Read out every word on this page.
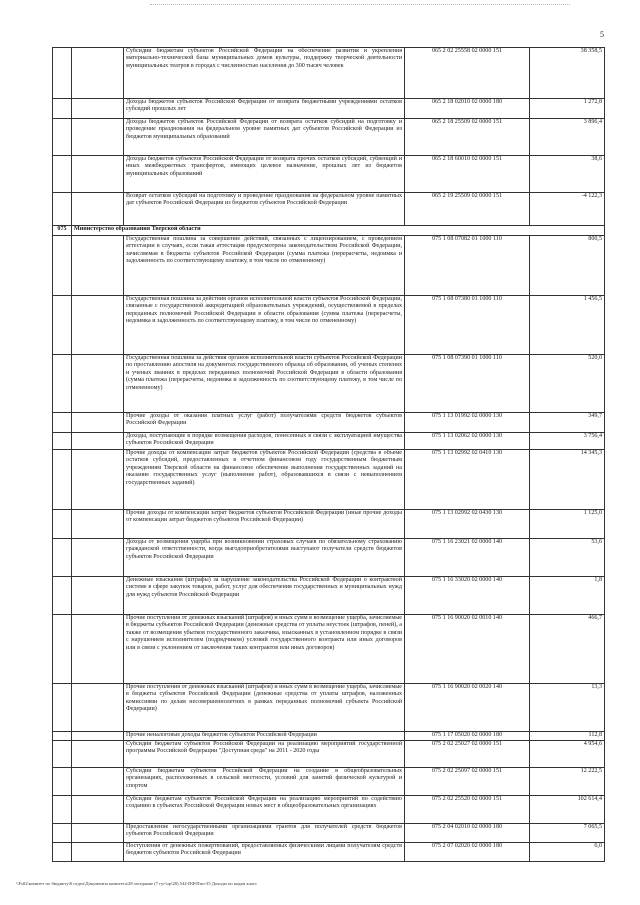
5
		Субсидии бюджетам субъектов Российской Федерации на обеспечение развития и укрепления материально-технической базы муниципальных домов культуры, поддержку творческой деятельности муниципальных театров в городах с численностью населения до 300 тысяч человек	065 2 02 25558 02 0000 151	38 358,5
		Доходы бюджетов субъектов Российской Федерации от возврата бюджетными учреждениями остатков субсидий прошлых лет	065 2 18 02010 02 0000 180	1 272,8
		Доходы бюджетов субъектов Российской Федерации от возврата остатков субсидий на подготовку и проведение празднования на федеральном уровне памятных дат субъектов Российской Федерации из бюджетов муниципальных образований	065 2 18 25509 02 0000 151	3 896,4
		Доходы бюджетов субъектов Российской Федерации от возврата прочих остатков субсидий, субвенций и иных межбюджетных трансфертов, имеющих целевое назначение, прошлых лет из бюджетов муниципальных образований	065 2 18 60010 02 0000 151	38,6
		Возврат остатков субсидий на подготовку и проведение празднования на федеральном уровне памятных дат субъектов Российской Федерации из бюджетов субъектов Российской Федерации	065 2 19 25509 02 0000 151	-4 122,3
075	Министерство образования Тверской области			
		Государственная пошлина за совершение действий, связанных с лицензированием, с проведением аттестации в случаях, если такая аттестация предусмотрена законодательством Российской Федерации, зачисляемая в бюджеты субъектов Российской Федерации (сумма платежа (перерасчеты, недоимка и задолженность по соответствующему платежу, в том числе по отмененному)	075 1 08 07082 01 1000 110	800,5
		Государственная пошлина за действия органов исполнительной власти субъектов Российской Федерации, связанные с государственной аккредитацией образовательных учреждений, осуществляемой в пределах переданных полномочий Российской Федерации в области образования (сумма платежа (перерасчеты, недоимка и задолженность по соответствующему платежу, в том числе по отмененному)	075 1 08 07380 01 1000 110	1 456,5
		Государственная пошлина за действия органов исполнительной власти субъектов Российской Федерации по проставлению апостиля на документах государственного образца об образовании, об ученых степенях и ученых званиях в пределах переданных полномочий Российской Федерации в области образования (сумма платежа (перерасчеты, недоимка и задолженность по соответствующему платежу, в том числе по отмененному)	075 1 08 07390 01 1000 110	520,0
		Прочие доходы от оказания платных услуг (работ) получателями средств бюджетов субъектов Российской Федерации	075 1 13 01992 02 0000 130	349,7
		Доходы, поступающие в порядке возмещения расходов, понесенных в связи с эксплуатацией имущества субъектов Российской Федерации	075 1 13 02062 02 0000 130	3 756,4
		Прочие доходы от компенсации затрат бюджетов субъектов Российской Федерации (средства в объеме остатков субсидий, предоставленных в отчетном финансовом году государственным бюджетным учреждениям Тверской области на финансовое обеспечение выполнения государственных заданий на оказание государственных услуг (выполнение работ), образовавшихся в связи с невыполнением государственных заданий)	075 1 13 02992 02 0410 130	14 345,3
		Прочие доходы от компенсации затрат бюджетов субъектов Российской Федерации (иные прочие доходы от компенсации затрат бюджетов субъектов Российской Федерации)	075 1 13 02992 02 0430 130	1 125,0
		Доходы от возмещения ущерба при возникновении страховых случаев по обязательному страхованию гражданской ответственности, когда выгодоприобретателями выступают получатели средств бюджетов субъектов Российской Федерации	075 1 16 23021 02 0000 140	53,6
		Денежные взыскания (штрафы) за нарушение законодательства Российской Федерации о контрактной системе в сфере закупок товаров, работ, услуг для обеспечения государственных и муниципальных нужд для нужд субъектов Российской Федерации	075 1 16 33020 02 0000 140	1,8
		Прочие поступления от денежных взысканий (штрафов) и иных сумм в возмещение ущерба, зачисляемые в бюджеты субъектов Российской Федерации (денежные средства от уплаты неустоек (штрафов, пеней), а также от возмещения убытков государственного заказчика, взысканных в установленном порядке в связи с нарушением исполнителем (подрядчиком) условий государственного контракта или иных договоров или в связи с уклонением от заключения таких контрактов или иных договоров)	075 1 16 90020 02 0010 140	466,7
		Прочие поступления от денежных взысканий (штрафов) и иных сумм в возмещение ущерба, зачисляемые в бюджеты субъектов Российской Федерации (денежные средства от уплаты штрафов, наложенных комиссиями по делам несовершеннолетних в рамках переданных полномочий субъекта Российской Федерации)	075 1 16 90020 02 0020 140	13,3
		Прочие неналоговые доходы бюджетов субъектов Российской Федерации	075 1 17 05020 02 0000 180	112,8
		Субсидии бюджетам субъектов Российской Федерации на реализацию мероприятий государственной программы Российской Федерации "Доступная среда" на 2011 - 2020 годы	075 2 02 25027 02 0000 151	4 954,6
		Субсидии бюджетам субъектов Российской Федерации на создание в общеобразовательных организациях, расположенных в сельской местности, условий для занятий физической культурой и спортом	075 2 02 25097 02 0000 151	12 222,5
		Субсидии бюджетам субъектов Российской Федерации на реализацию мероприятий по содействию созданию в субъектах Российской Федерации новых мест в общеобразовательных организациях	075 2 02 25520 02 0000 151	102 614,4
		Предоставление негосударственными организациями грантов для получателей средств бюджетов субъектов Российской Федерации	075 2 04 02010 02 0000 180	7 065,5
		Поступления от денежных пожертвований, предоставляемых физическими лицами получателям средств бюджетов субъектов Российской Федерации	075 2 07 02020 02 0000 180	6,0
\\Fs02\комитет по бюджету\6 отдел\Документы комитета\28 заседание (7 гуг\ор\28) 542-ПФ\Ппп-35 Доходы по кодам класс
